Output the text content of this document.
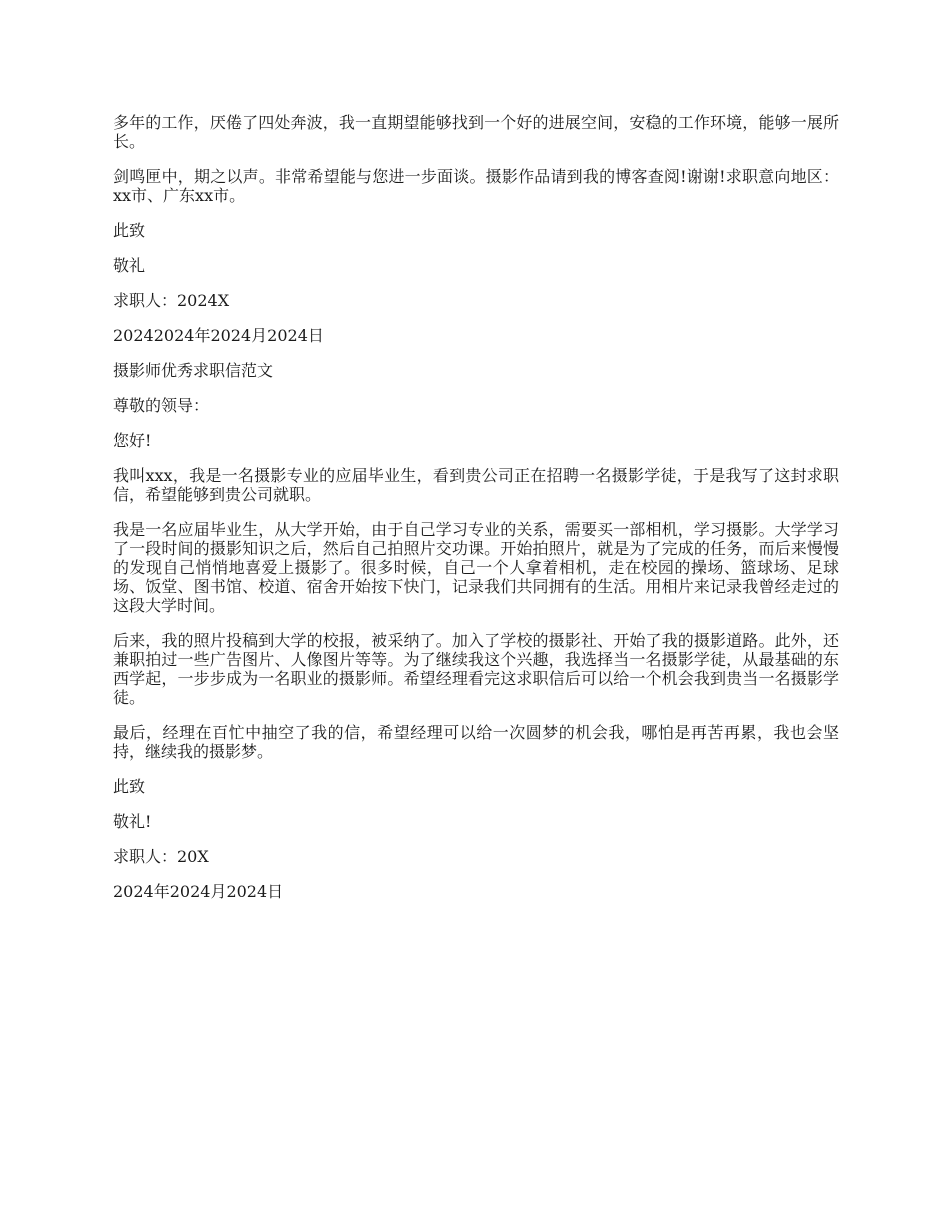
多年的工作，厌倦了四处奔波，我一直期望能够找到一个好的进展空间，安稳的工作环境，能够一展所长。

剑鸣匣中，期之以声。非常希望能与您进一步面谈。摄影作品请到我的博客查阅!谢谢!求职意向地区：xx市、广东xx市。

此致

敬礼

求职人：2024X

20242024年2024月2024日

摄影师优秀求职信范文

尊敬的领导：

您好!

我叫xxx，我是一名摄影专业的应届毕业生，看到贵公司正在招聘一名摄影学徒，于是我写了这封求职信，希望能够到贵公司就职。

我是一名应届毕业生，从大学开始，由于自己学习专业的关系，需要买一部相机，学习摄影。大学学习了一段时间的摄影知识之后，然后自己拍照片交功课。开始拍照片，就是为了完成的任务，而后来慢慢的发现自己悄悄地喜爱上摄影了。很多时候，自己一个人拿着相机，走在校园的操场、篮球场、足球场、饭堂、图书馆、校道、宿舍开始按下快门，记录我们共同拥有的生活。用相片来记录我曾经走过的这段大学时间。

后来，我的照片投稿到大学的校报，被采纳了。加入了学校的摄影社、开始了我的摄影道路。此外，还兼职拍过一些广告图片、人像图片等等。为了继续我这个兴趣，我选择当一名摄影学徒，从最基础的东西学起，一步步成为一名职业的摄影师。希望经理看完这求职信后可以给一个机会我到贵当一名摄影学徒。

最后，经理在百忙中抽空了我的信，希望经理可以给一次圆梦的机会我，哪怕是再苦再累，我也会坚持，继续我的摄影梦。

此致

敬礼!

求职人：20X

2024年2024月2024日
